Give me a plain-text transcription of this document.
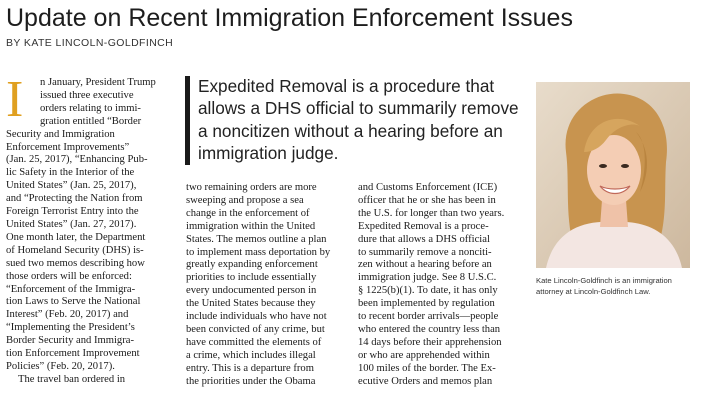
Update on Recent Immigration Enforcement Issues
BY KATE LINCOLN-GOLDFINCH
I	n January, President Trump
issued three executive
orders relating to immi-
gration entitled “Border
Security and Immigration
Enforcement Improvements”
(Jan. 25, 2017), “Enhancing Pub-
lic Safety in the Interior of the
United States” (Jan. 25, 2017),
and “Protecting the Nation from
Foreign Terrorist Entry into the
United States” (Jan. 27, 2017).
One month later, the Department
of Homeland Security (DHS) is-
sued two memos describing how
those orders will be enforced:
“Enforcement of the Immigra-
tion Laws to Serve the National
Interest” (Feb. 20, 2017) and
“Implementing the President’s
Border Security and Immigra-
tion Enforcement Improvement
Policies” (Feb. 20, 2017).
The travel ban ordered in
Expedited Removal is a procedure that
allows a DHS official to summarily remove
a noncitizen without a hearing before an
immigration judge.
two remaining orders are more
sweeping and propose a sea
change in the enforcement of
immigration within the United
States. The memos outline a plan
to implement mass deportation by
greatly expanding enforcement
priorities to include essentially
every undocumented person in
the United States because they
include individuals who have not
been convicted of any crime, but
have committed the elements of
a crime, which includes illegal
entry. This is a departure from
the priorities under the Obama
and Customs Enforcement (ICE)
officer that he or she has been in
the U.S. for longer than two years.
Expedited Removal is a proce-
dure that allows a DHS official
to summarily remove a nonciti-
zen without a hearing before an
immigration judge. See 8 U.S.C.
§ 1225(b)(1). To date, it has only
been implemented by regulation
to recent border arrivals—people
who entered the country less than
14 days before their apprehension
or who are apprehended within
100 miles of the border. The Ex-
ecutive Orders and memos plan
Kate Lincoln-Goldfinch is an immigration
attorney at Lincoln-Goldfinch Law.
